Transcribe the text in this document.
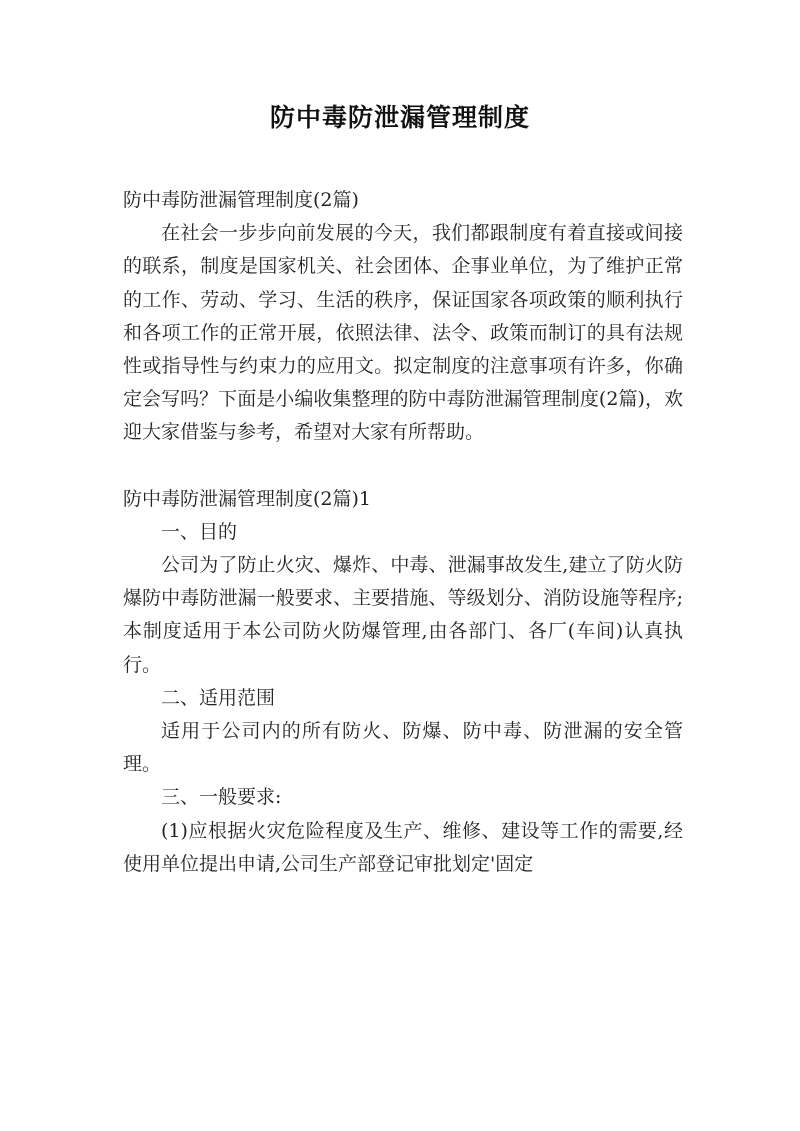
防中毒防泄漏管理制度

防中毒防泄漏管理制度(2篇)

在社会一步步向前发展的今天，我们都跟制度有着直接或间接的联系，制度是国家机关、社会团体、企事业单位，为了维护正常的工作、劳动、学习、生活的秩序，保证国家各项政策的顺利执行和各项工作的正常开展，依照法律、法令、政策而制订的具有法规性或指导性与约束力的应用文。拟定制度的注意事项有许多，你确定会写吗？下面是小编收集整理的防中毒防泄漏管理制度(2篇)，欢迎大家借鉴与参考，希望对大家有所帮助。

防中毒防泄漏管理制度(2篇)1

一、目的

公司为了防止火灾、爆炸、中毒、泄漏事故发生,建立了防火防爆防中毒防泄漏一般要求、主要措施、等级划分、消防设施等程序;本制度适用于本公司防火防爆管理,由各部门、各厂(车间)认真执行。

二、适用范围

适用于公司内的所有防火、防爆、防中毒、防泄漏的安全管理。

三、一般要求:

(1)应根据火灾危险程度及生产、维修、建设等工作的需要,经使用单位提出申请,公司生产部登记审批划定'固定
